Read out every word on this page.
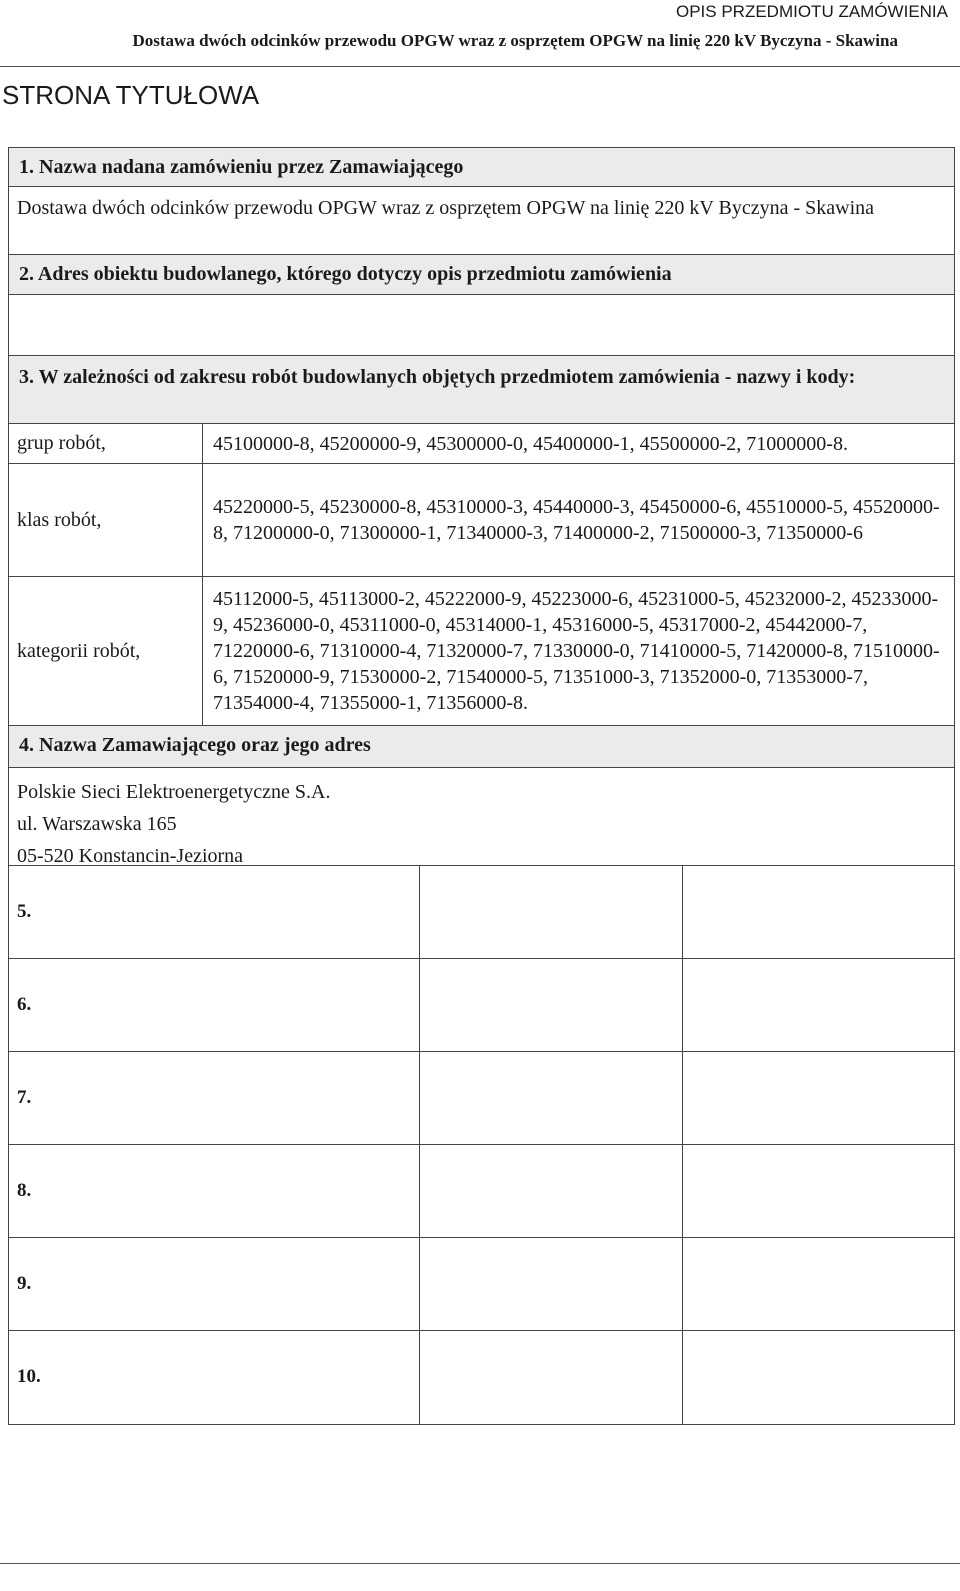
OPIS PRZEDMIOTU ZAMÓWIENIA
Dostawa dwóch odcinków przewodu OPGW wraz z osprzętem OPGW na linię 220 kV Byczyna - Skawina
STRONA TYTUŁOWA
1. Nazwa nadana zamówieniu przez Zamawiającego
Dostawa dwóch odcinków przewodu OPGW wraz z osprzętem OPGW na linię 220 kV Byczyna - Skawina
2. Adres obiektu budowlanego, którego dotyczy opis przedmiotu zamówienia
3. W zależności od zakresu robót budowlanych objętych przedmiotem zamówienia - nazwy i kody:
grup robót,	45100000-8, 45200000-9, 45300000-0, 45400000-1, 45500000-2, 71000000-8.
klas robót,
45220000-5, 45230000-8, 45310000-3, 45440000-3, 45450000-6, 45510000-5, 45520000-8, 71200000-0, 71300000-1, 71340000-3, 71400000-2, 71500000-3, 71350000-6
kategorii robót,
45112000-5, 45113000-2, 45222000-9, 45223000-6, 45231000-5, 45232000-2, 45233000-9, 45236000-0, 45311000-0, 45314000-1, 45316000-5, 45317000-2, 45442000-7, 71220000-6, 71310000-4, 71320000-7, 71330000-0, 71410000-5, 71420000-8, 71510000-6, 71520000-9, 71530000-2, 71540000-5, 71351000-3, 71352000-0, 71353000-7, 71354000-4, 71355000-1, 71356000-8.
4. Nazwa Zamawiającego oraz jego adres

Polskie Sieci Elektroenergetyczne S.A.

ul. Warszawska 165

05-520 Konstancin-Jeziorna

5.
6.
7.
8.
9.
10.
